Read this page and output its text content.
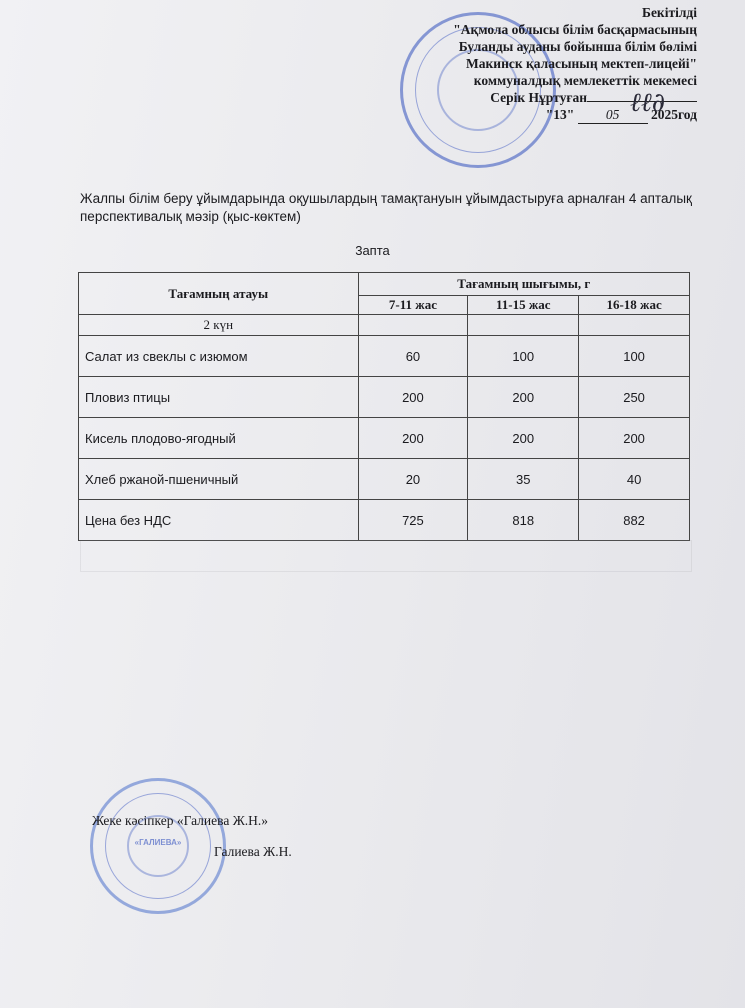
ℓℓ∂
Бекітілді
"Ақмола облысы білім басқармасының
Буланды ауданы бойынша білім бөлімі
Макинск қаласының мектеп-лицейі"
коммуналдық мемлекеттік мекемесі
Серік Нұртуған
"13" 05 2025год
Жалпы білім беру ұйымдарында оқушылардың тамақтануын ұйымдастыруға арналған 4 апталық перспективалық мәзір (қыс-көктем)
3апта
Тағамның атауы	Тағамның шығымы, г		
	7-11 жас	11-15 жас	16-18 жас
2 күн			
Салат из свеклы с изюмом	60	100	100
Пловиз птицы	200	200	250
Кисель плодово-ягодный	200	200	200
Хлеб ржаной-пшеничный	20	35	40
Цена без НДС	725	818	882
«ГАЛИЕВА»
Жеке кәсіпкер «Галиева Ж.Н.»
Галиева Ж.Н.
